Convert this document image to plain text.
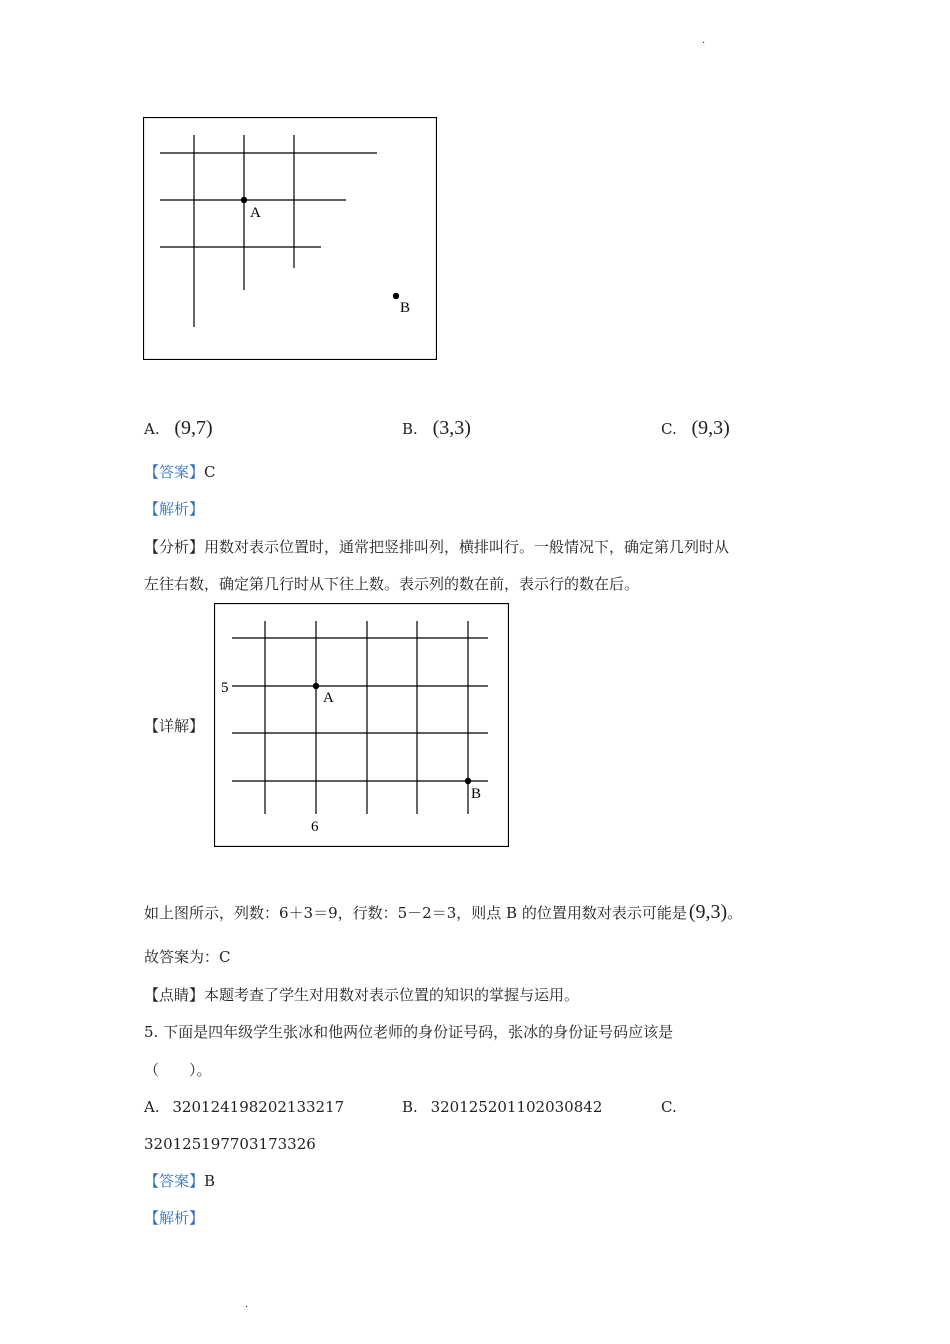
·
·
A
B
A. (9,7)	B. (3,3)	C. (9,3)
【答案】C
【解析】
【分析】用数对表示位置时，通常把竖排叫列，横排叫行。一般情况下，确定第几列时从
左往右数，确定第几行时从下往上数。表示列的数在前，表示行的数在后。
【详解】
5
6
A
B
如上图所示，列数：6＋3＝9，行数：5－2＝3，则点 B 的位置用数对表示可能是 (9,3)。
故答案为：C
【点睛】本题考查了学生对用数对表示位置的知识的掌握与运用。
5. 下面是四年级学生张冰和他两位老师的身份证号码，张冰的身份证号码应该是
（　　）。
A. 320124198202133217	B. 320125201102030842	C.
320125197703173326
【答案】B
【解析】
